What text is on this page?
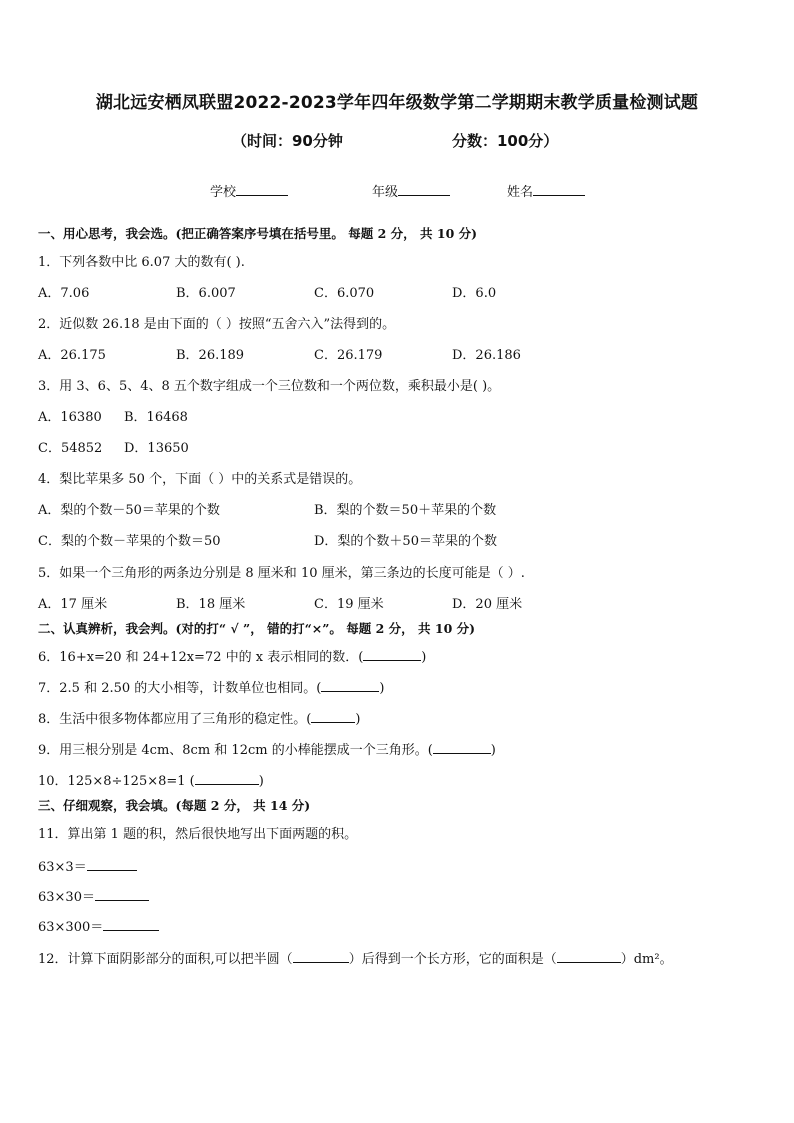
湖北远安栖凤联盟2022-2023学年四年级数学第二学期期末教学质量检测试题
（时间：90分钟	分数：100分）
学校	年级	姓名
一、用心思考，我会选。(把正确答案序号填在括号里。 每题 2 分， 共 10 分)
1．下列各数中比 6.07 大的数有( ).
A．7.06	B．6.007	C．6.070	D．6.0
2．近似数 26.18 是由下面的（ ）按照“五舍六入”法得到的。
A．26.175	B．26.189	C．26.179	D．26.186
3．用 3、6、5、4、8 五个数字组成一个三位数和一个两位数，乘积最小是( )。
A．16380 B．16468
C．54852 D．13650
4．梨比苹果多 50 个，下面（ ）中的关系式是错误的。
A．梨的个数－50＝苹果的个数	B．梨的个数＝50＋苹果的个数
C．梨的个数－苹果的个数＝50	D．梨的个数＋50＝苹果的个数
5．如果一个三角形的两条边分别是 8 厘米和 10 厘米，第三条边的长度可能是（ ）.
A．17 厘米	B．18 厘米	C．19 厘米	D．20 厘米
二、认真辨析，我会判。(对的打“ √ ”， 错的打“×”。 每题 2 分， 共 10 分)
6．16+x=20 和 24+12x=72 中的 x 表示相同的数．(	)
7．2.5 和 2.50 的大小相等，计数单位也相同。(	)
8．生活中很多物体都应用了三角形的稳定性。(	)
9．用三根分别是 4cm、8cm 和 12cm 的小棒能摆成一个三角形。(	)
10．125×8÷125×8=1 (	)
三、仔细观察，我会填。(每题 2 分， 共 14 分)
11．算出第 1 题的积，然后很快地写出下面两题的积。
63×3＝
63×30＝
63×300＝
12．计算下面阴影部分的面积,可以把半圆（	）后得到一个长方形，它的面积是（	）dm²。
